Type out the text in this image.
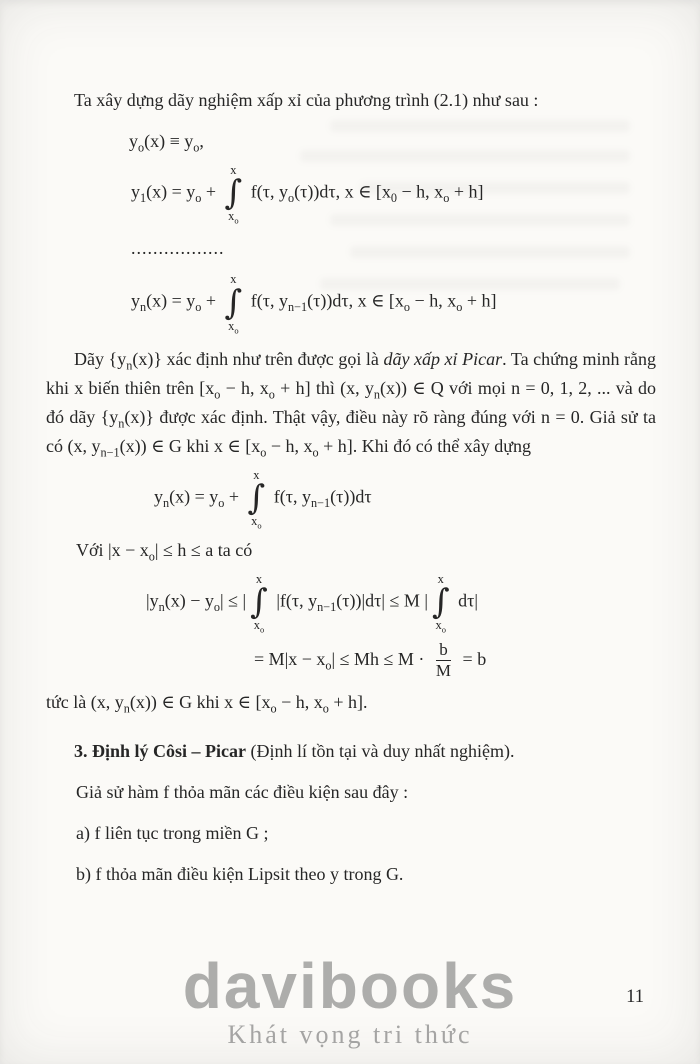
Ta xây dựng dãy nghiệm xấp xỉ của phương trình (2.1) như sau :

$y_o(x) \equiv y_o$,
$y_1(x) = y_o$ +
x
∫
$x_o$
f(τ, $y_o(\tau))d\tau$, x ∈ [$x_0 - h$, $x_o + h$]
.................
$y_n(x) = y_o$ +
x
∫
$x_o$
f(τ, $y_{n-1}(\tau))d\tau$, x ∈ [$x_o - h$, $x_o + h$]

Dãy $\{y_n(x)\}$ xác định như trên được gọi là dãy xấp xỉ Picar. Ta chứng minh rằng khi x biến thiên trên [$x_o - h$, $x_o + h$] thì (x, $y_n(x)$) ∈ Q với mọi n = 0, 1, 2, ... và do đó dãy $\{y_n(x)\}$ được xác định. Thật vậy, điều này rõ ràng đúng với n = 0. Giả sử ta có (x, $y_{n-1}(x)$) ∈ G khi x ∈ [$x_o - h$, $x_o + h$]. Khi đó có thể xây dựng

$y_n(x) = y_o$ +
x
∫
$x_o$
f(τ, $y_{n-1}(\tau))d\tau$

Với $|x - x_o| \le h \le a$ ta có

$|y_n(x) - y_o|$ ≤ |
x
∫
$x_o$
|f(τ, $y_{n-1}(\tau))|d\tau| \le M$ |
x
∫
$x_o$
dτ|
= $M|x - x_o| \le Mh \le M \cdot \frac{b}{M} = b$

tức là (x, $y_n(x)$) ∈ G khi x ∈ [$x_o - h$, $x_o + h$].

3. Định lý Côsi – Picar (Định lí tồn tại và duy nhất nghiệm).

Giả sử hàm f thỏa mãn các điều kiện sau đây :

a) f liên tục trong miền G ;

b) f thỏa mãn điều kiện Lipsit theo y trong G.

davibooks
Khát vọng tri thức
11
